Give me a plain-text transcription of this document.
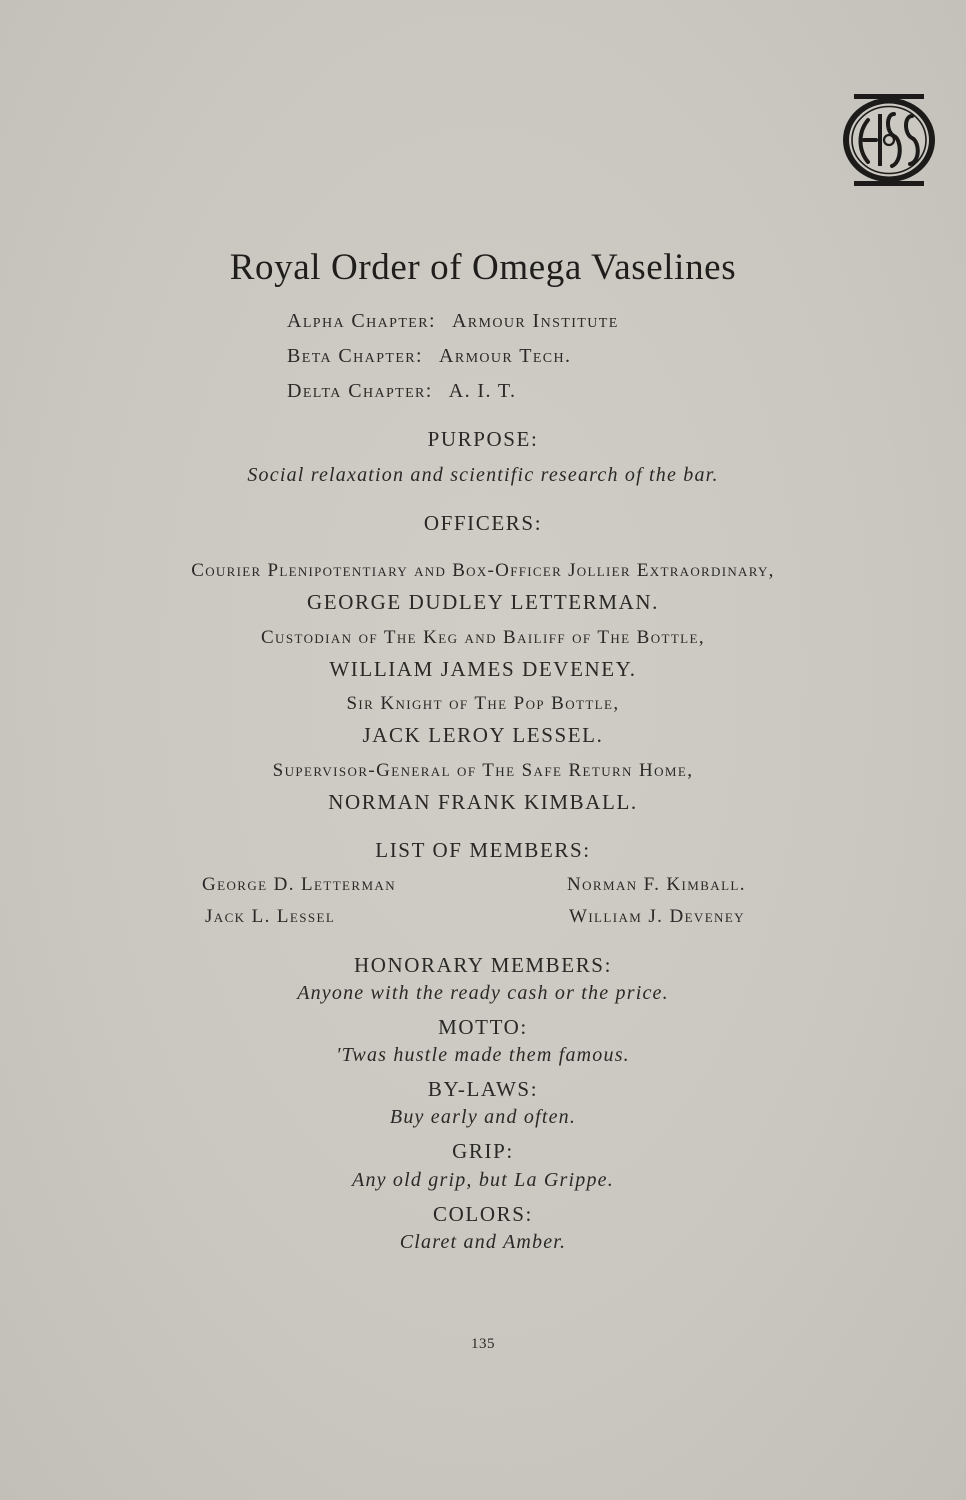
Royal Order of Omega Vaselines
Alpha Chapter: Armour Institute
Beta Chapter: Armour Tech.
Delta Chapter: A. I. T.
PURPOSE:
Social relaxation and scientific research of the bar.
OFFICERS:
Courier Plenipotentiary and Box-Officer Jollier Extraordinary,
GEORGE DUDLEY LETTERMAN.
Custodian of The Keg and Bailiff of The Bottle,
WILLIAM JAMES DEVENEY.
Sir Knight of The Pop Bottle,
JACK LEROY LESSEL.
Supervisor-General of The Safe Return Home,
NORMAN FRANK KIMBALL.
LIST OF MEMBERS:
George D. Letterman	Norman F. Kimball.
Jack L. Lessel	William J. Deveney
HONORARY MEMBERS:
Anyone with the ready cash or the price.
MOTTO:
'Twas hustle made them famous.
BY-LAWS:
Buy early and often.
GRIP:
Any old grip, but La Grippe.
COLORS:
Claret and Amber.
135
